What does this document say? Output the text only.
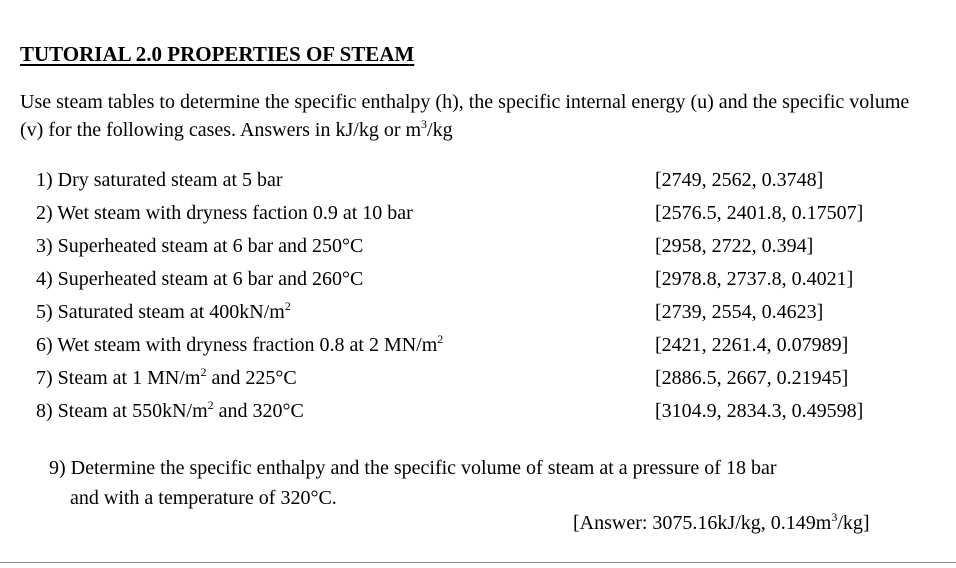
TUTORIAL 2.0 PROPERTIES OF STEAM
Use steam tables to determine the specific enthalpy (h), the specific internal energy (u) and the specific volume (v) for the following cases. Answers in kJ/kg or $m^3/kg$
1) Dry saturated steam at 5 bar	[2749, 2562, 0.3748]
2) Wet steam with dryness faction 0.9 at 10 bar	[2576.5, 2401.8, 0.17507]
3) Superheated steam at 6 bar and 250°C	[2958, 2722, 0.394]
4) Superheated steam at 6 bar and 260°C	[2978.8, 2737.8, 0.4021]
5) Saturated steam at $400kN/m^2$	[2739, 2554, 0.4623]
6) Wet steam with dryness fraction 0.8 at 2 $MN/m^2$	[2421, 2261.4, 0.07989]
7) Steam at 1 $MN/m^2$ and 225°C	[2886.5, 2667, 0.21945]
8) Steam at $550kN/m^2$ and 320°C	[3104.9, 2834.3, 0.49598]
9) Determine the specific enthalpy and the specific volume of steam at a pressure of 18 bar
and with a temperature of 320°C.
[Answer: 3075.16kJ/kg, $0.149m^3/kg$]
